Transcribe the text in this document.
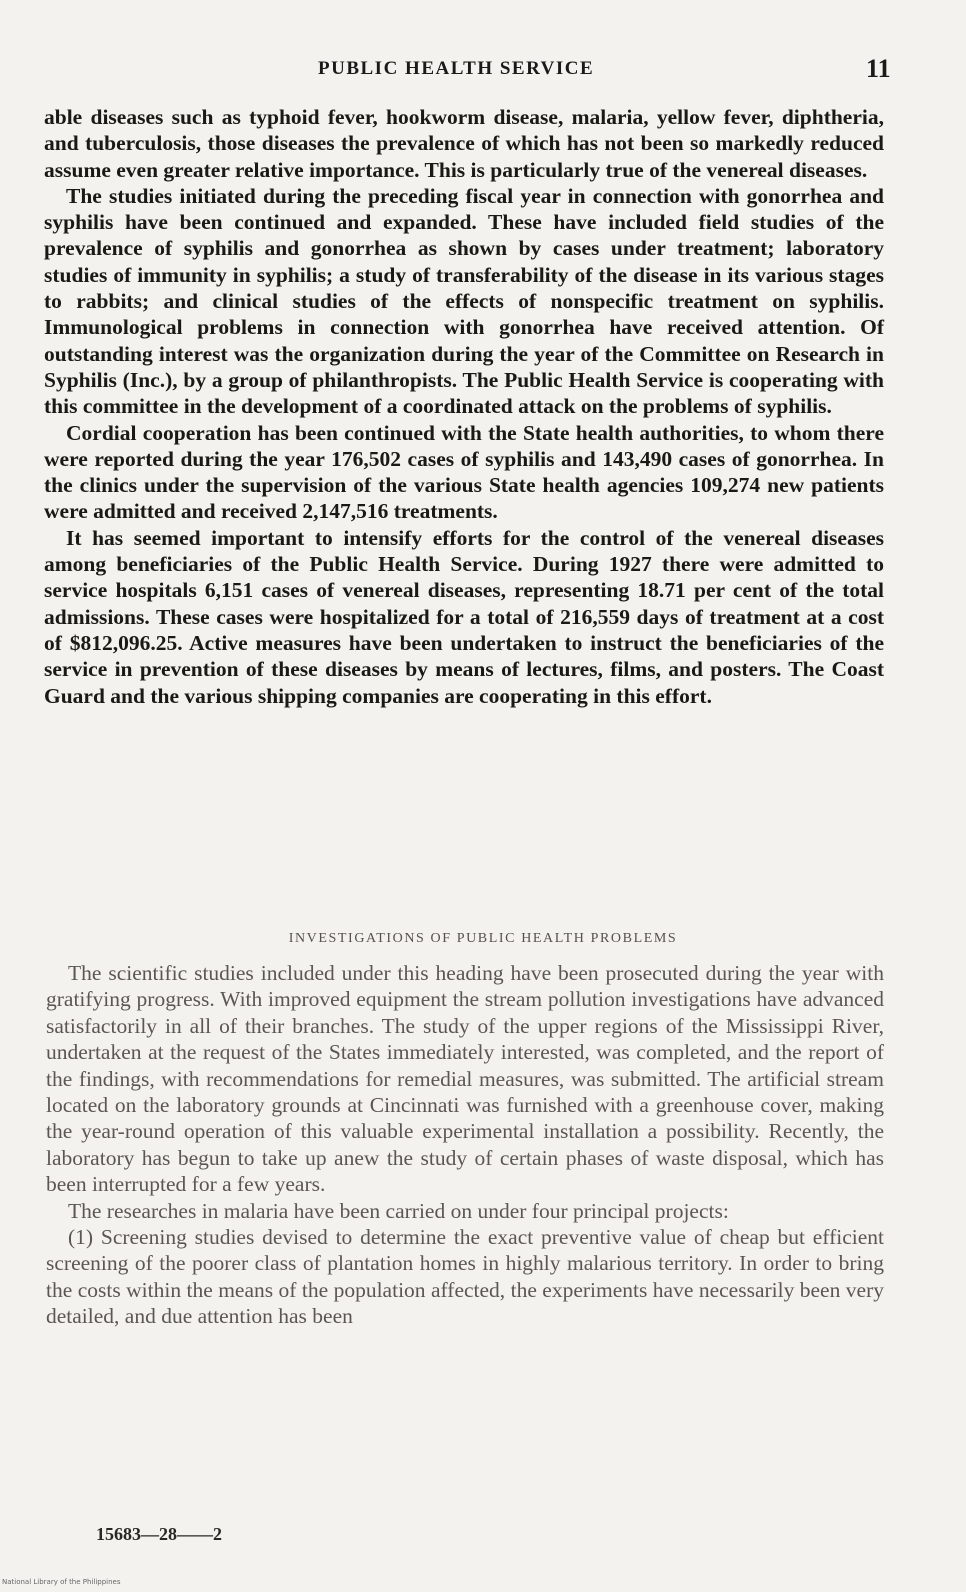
PUBLIC HEALTH SERVICE	11

able diseases such as typhoid fever, hookworm disease, malaria, yellow fever, diphtheria, and tuberculosis, those diseases the prevalence of which has not been so markedly reduced assume even greater relative importance. This is particularly true of the venereal diseases.

The studies initiated during the preceding fiscal year in connection with gonorrhea and syphilis have been continued and expanded. These have included field studies of the prevalence of syphilis and gonorrhea as shown by cases under treatment; laboratory studies of immunity in syphilis; a study of transferability of the disease in its various stages to rabbits; and clinical studies of the effects of nonspecific treatment on syphilis. Immunological problems in connection with gonorrhea have received attention. Of outstanding interest was the organization during the year of the Committee on Research in Syphilis (Inc.), by a group of philanthropists. The Public Health Service is cooperating with this committee in the development of a coordinated attack on the problems of syphilis.

Cordial cooperation has been continued with the State health authorities, to whom there were reported during the year 176,502 cases of syphilis and 143,490 cases of gonorrhea. In the clinics under the supervision of the various State health agencies 109,274 new patients were admitted and received 2,147,516 treatments.

It has seemed important to intensify efforts for the control of the venereal diseases among beneficiaries of the Public Health Service. During 1927 there were admitted to service hospitals 6,151 cases of venereal diseases, representing 18.71 per cent of the total admissions. These cases were hospitalized for a total of 216,559 days of treatment at a cost of $812,096.25. Active measures have been undertaken to instruct the beneficiaries of the service in prevention of these diseases by means of lectures, films, and posters. The Coast Guard and the various shipping companies are cooperating in this effort.

INVESTIGATIONS OF PUBLIC HEALTH PROBLEMS

The scientific studies included under this heading have been prosecuted during the year with gratifying progress. With improved equipment the stream pollution investigations have advanced satisfactorily in all of their branches. The study of the upper regions of the Mississippi River, undertaken at the request of the States immediately interested, was completed, and the report of the findings, with recommendations for remedial measures, was submitted. The artificial stream located on the laboratory grounds at Cincinnati was furnished with a greenhouse cover, making the year-round operation of this valuable experimental installation a possibility. Recently, the laboratory has begun to take up anew the study of certain phases of waste disposal, which has been interrupted for a few years.

The researches in malaria have been carried on under four principal projects:

(1) Screening studies devised to determine the exact preventive value of cheap but efficient screening of the poorer class of plantation homes in highly malarious territory. In order to bring the costs within the means of the population affected, the experiments have necessarily been very detailed, and due attention has been

15683—28——2
National Library of the Philippines
